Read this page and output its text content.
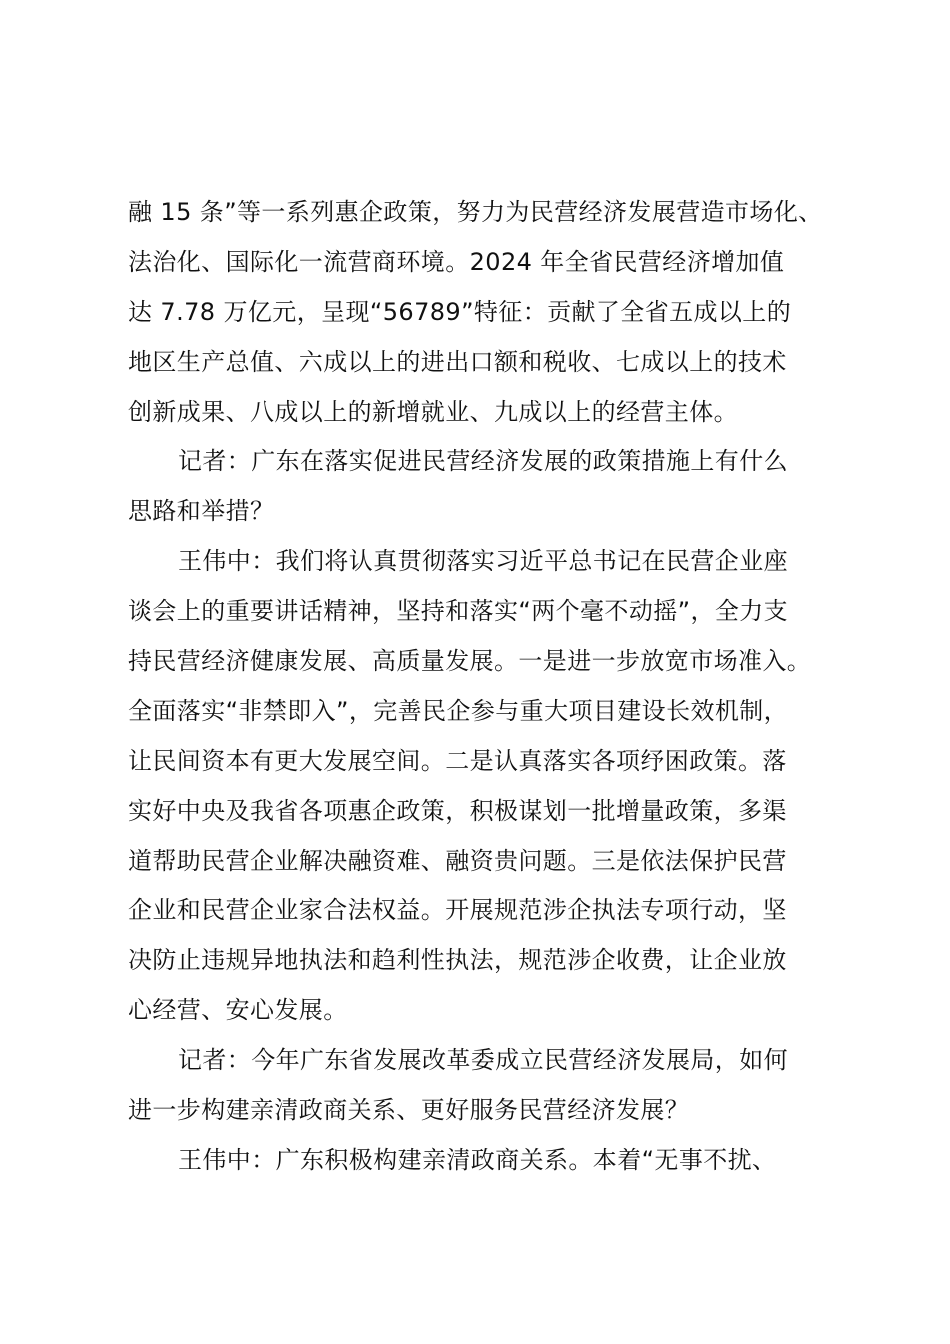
融 15 条”等一系列惠企政策，努力为民营经济发展营造市场化、
法治化、国际化一流营商环境。2024 年全省民营经济增加值
达 7.78 万亿元，呈现“56789”特征：贡献了全省五成以上的
地区生产总值、六成以上的进出口额和税收、七成以上的技术
创新成果、八成以上的新增就业、九成以上的经营主体。
记者：广东在落实促进民营经济发展的政策措施上有什么
思路和举措？
王伟中：我们将认真贯彻落实习近平总书记在民营企业座
谈会上的重要讲话精神，坚持和落实“两个毫不动摇”，全力支
持民营经济健康发展、高质量发展。一是进一步放宽市场准入。
全面落实“非禁即入”，完善民企参与重大项目建设长效机制，
让民间资本有更大发展空间。二是认真落实各项纾困政策。落
实好中央及我省各项惠企政策，积极谋划一批增量政策，多渠
道帮助民营企业解决融资难、融资贵问题。三是依法保护民营
企业和民营企业家合法权益。开展规范涉企执法专项行动，坚
决防止违规异地执法和趋利性执法，规范涉企收费，让企业放
心经营、安心发展。
记者：今年广东省发展改革委成立民营经济发展局，如何
进一步构建亲清政商关系、更好服务民营经济发展？
王伟中：广东积极构建亲清政商关系。本着“无事不扰、
